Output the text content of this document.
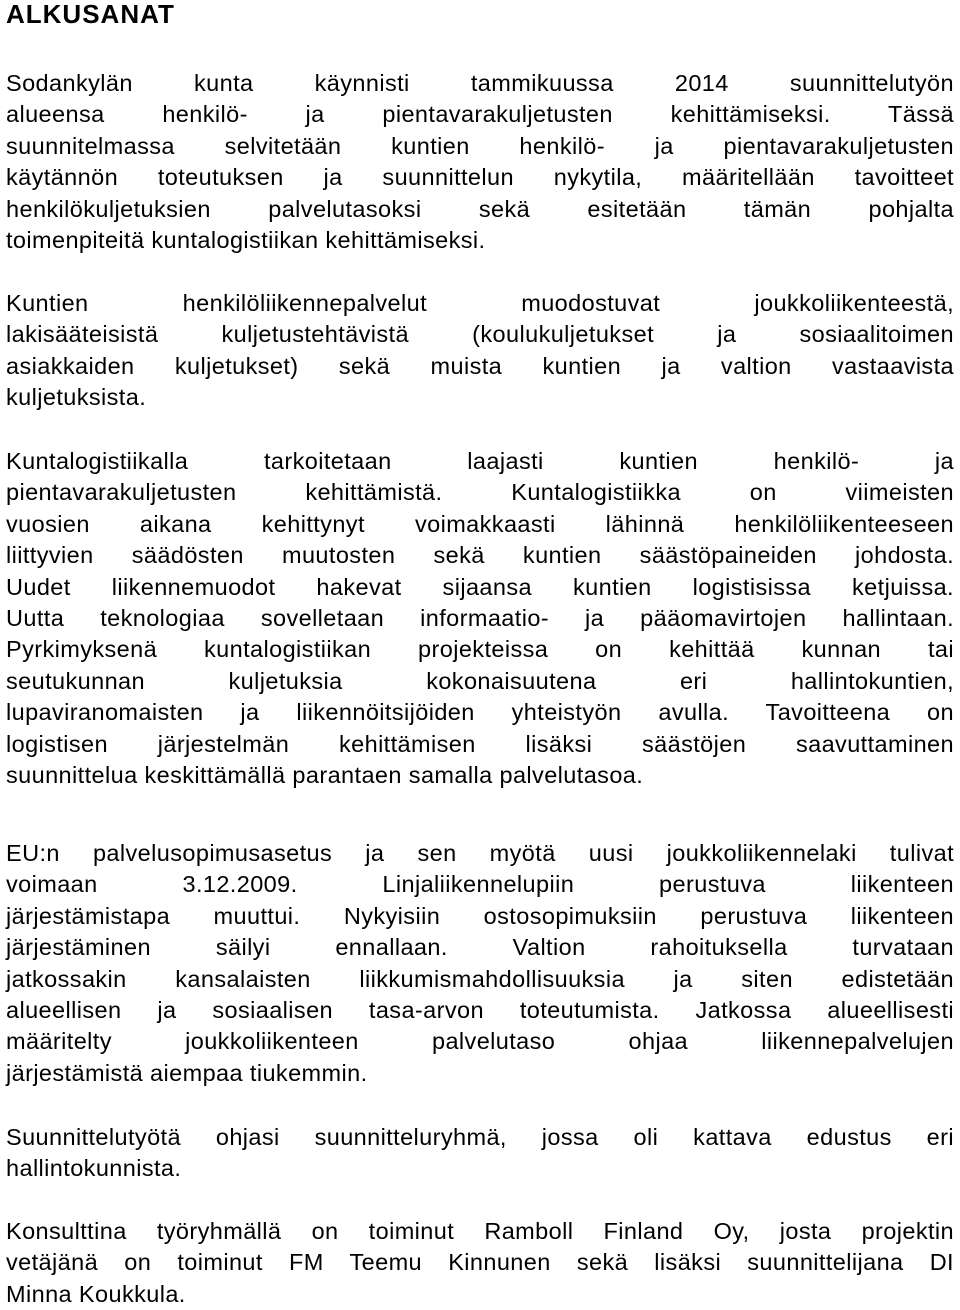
ALKUSANAT
Sodankylän kunta käynnisti tammikuussa 2014 suunnittelutyön
alueensa henkilö- ja pientavarakuljetusten kehittämiseksi. Tässä
suunnitelmassa selvitetään kuntien henkilö- ja pientavarakuljetusten
käytännön toteutuksen ja suunnittelun nykytila, määritellään tavoitteet
henkilökuljetuksien palvelutasoksi sekä esitetään tämän pohjalta
toimenpiteitä kuntalogistiikan kehittämiseksi.
Kuntien henkilöliikennepalvelut muodostuvat joukkoliikenteestä,
lakisääteisistä kuljetustehtävistä (koulukuljetukset ja sosiaalitoimen
asiakkaiden kuljetukset) sekä muista kuntien ja valtion vastaavista
kuljetuksista.
Kuntalogistiikalla tarkoitetaan laajasti kuntien henkilö- ja
pientavarakuljetusten kehittämistä. Kuntalogistiikka on viimeisten
vuosien aikana kehittynyt voimakkaasti lähinnä henkilöliikenteeseen
liittyvien säädösten muutosten sekä kuntien säästöpaineiden johdosta.
Uudet liikennemuodot hakevat sijaansa kuntien logistisissa ketjuissa.
Uutta teknologiaa sovelletaan informaatio- ja pääomavirtojen hallintaan.
Pyrkimyksenä kuntalogistiikan projekteissa on kehittää kunnan tai
seutukunnan kuljetuksia kokonaisuutena eri hallintokuntien,
lupaviranomaisten ja liikennöitsijöiden yhteistyön avulla. Tavoitteena on
logistisen järjestelmän kehittämisen lisäksi säästöjen saavuttaminen
suunnittelua keskittämällä parantaen samalla palvelutasoa.
EU:n palvelusopimusasetus ja sen myötä uusi joukkoliikennelaki tulivat
voimaan 3.12.2009. Linjaliikennelupiin perustuva liikenteen
järjestämistapa muuttui. Nykyisiin ostosopimuksiin perustuva liikenteen
järjestäminen säilyi ennallaan. Valtion rahoituksella turvataan
jatkossakin kansalaisten liikkumismahdollisuuksia ja siten edistetään
alueellisen ja sosiaalisen tasa-arvon toteutumista. Jatkossa alueellisesti
määritelty joukkoliikenteen palvelutaso ohjaa liikennepalvelujen
järjestämistä aiempaa tiukemmin.
Suunnittelutyötä ohjasi suunnitteluryhmä, jossa oli kattava edustus eri
hallintokunnista.
Konsulttina työryhmällä on toiminut Ramboll Finland Oy, josta projektin
vetäjänä on toiminut FM Teemu Kinnunen sekä lisäksi suunnittelijana DI
Minna Koukkula.
